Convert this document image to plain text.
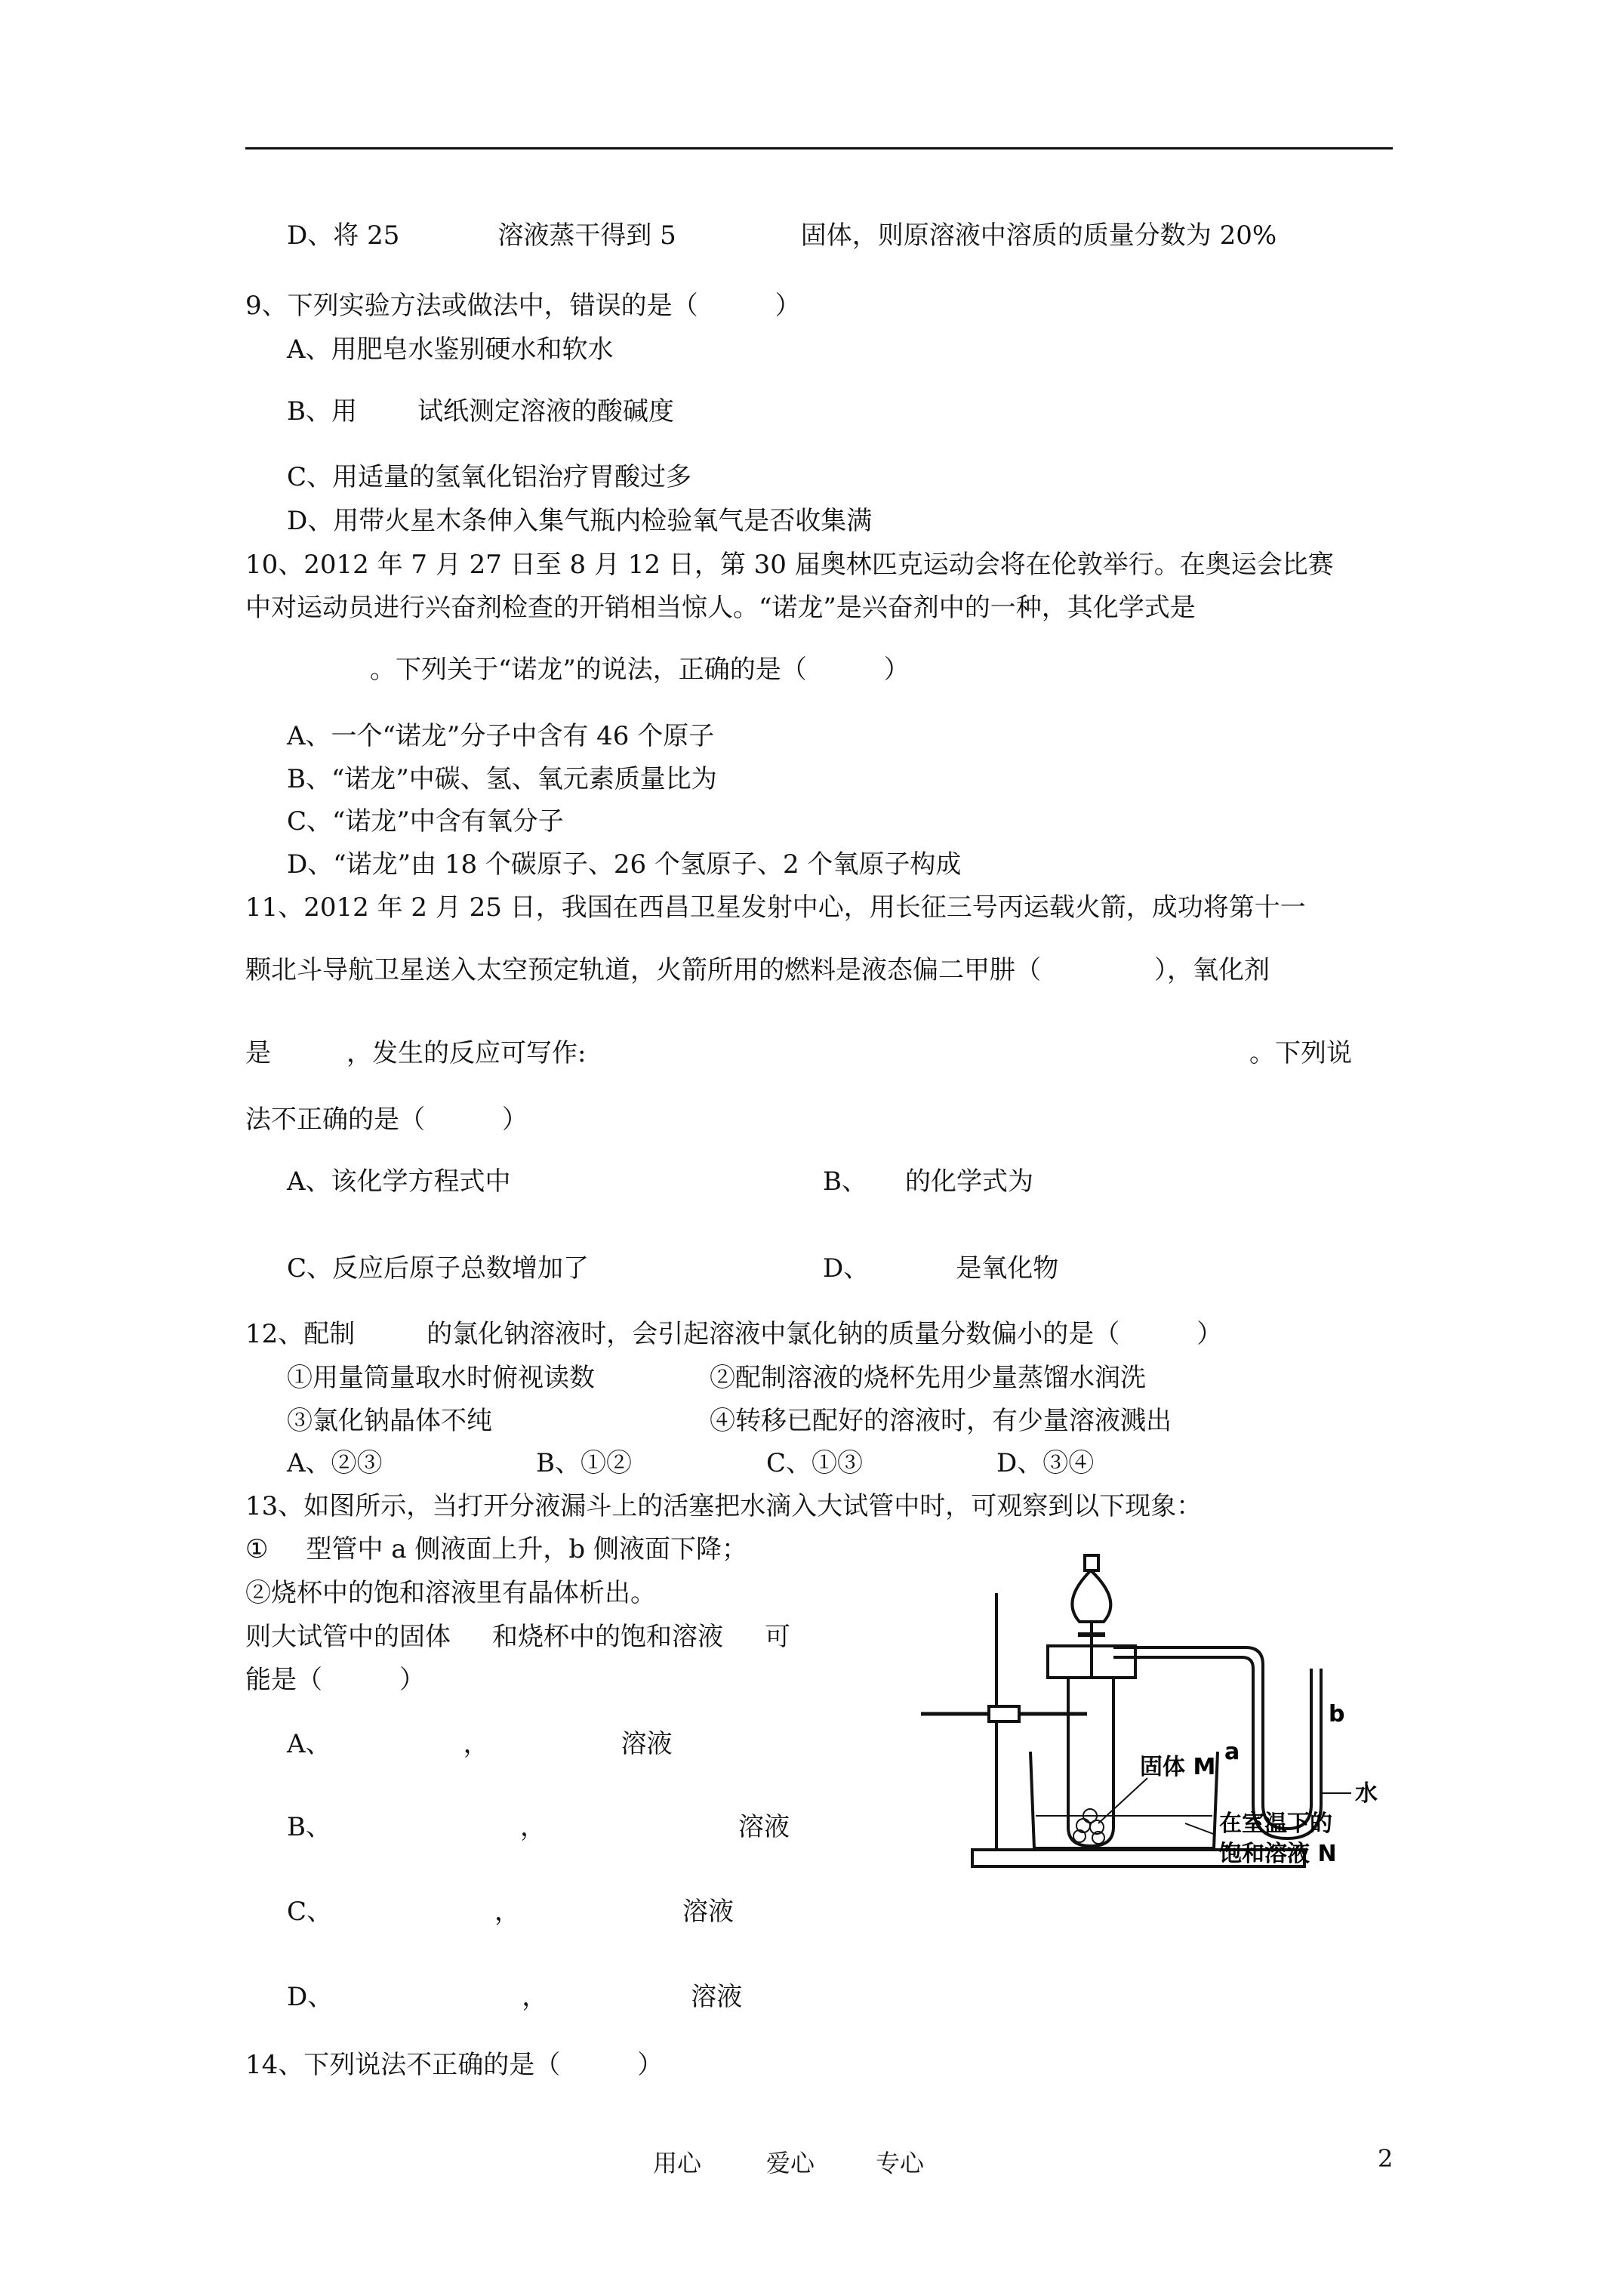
D、将 25	溶液蒸干得到 5	固体，则原溶液中溶质的质量分数为 20%
9、下列实验方法或做法中，错误的是（　　　）
A、用肥皂水鉴别硬水和软水
B、用 试纸测定溶液的酸碱度
C、用适量的氢氧化铝治疗胃酸过多
D、用带火星木条伸入集气瓶内检验氧气是否收集满
10、2012 年 7 月 27 日至 8 月 12 日，第 30 届奥林匹克运动会将在伦敦举行。在奥运会比赛
中对运动员进行兴奋剂检查的开销相当惊人。“诺龙”是兴奋剂中的一种，其化学式是
。下列关于“诺龙”的说法，正确的是（　　　）
A、一个“诺龙”分子中含有 46 个原子
B、“诺龙”中碳、氢、氧元素质量比为
C、“诺龙”中含有氧分子
D、“诺龙”由 18 个碳原子、26 个氢原子、2 个氧原子构成
11、2012 年 2 月 25 日，我国在西昌卫星发射中心，用长征三号丙运载火箭，成功将第十一
颗北斗导航卫星送入太空预定轨道，火箭所用的燃料是液态偏二甲肼（	），氧化剂
是	，发生的反应可写作:	。下列说
法不正确的是（　　　）
A、该化学方程式中	B、 的化学式为
C、反应后原子总数增加了	D、	是氧化物
12、配制	的氯化钠溶液时，会引起溶液中氯化钠的质量分数偏小的是（　　　）
①用量筒量取水时俯视读数	②配制溶液的烧杯先用少量蒸馏水润洗
③氯化钠晶体不纯	④转移已配好的溶液时，有少量溶液溅出
A、②③	B、①②	C、①③	D、③④
13、如图所示，当打开分液漏斗上的活塞把水滴入大试管中时，可观察到以下现象：
① 型管中 a 侧液面上升，b 侧液面下降；
②烧杯中的饱和溶液里有晶体析出。
则大试管中的固体 和烧杯中的饱和溶液 可
能是（　　　）
A、	，	溶液
B、	，	溶液
C、	，	溶液
D、	，	溶液
14、下列说法不正确的是（　　　）
a
b
水
固体 M
在室温下的
饱和溶液 N
用心	爱心	专心	2
